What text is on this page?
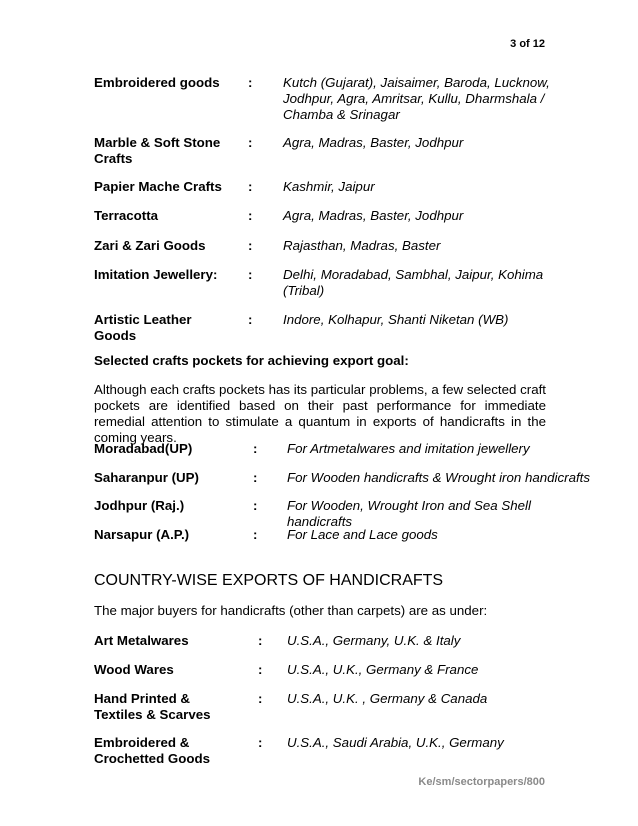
3 of 12
Embroidered goods	: Kutch (Gujarat), Jaisaimer, Baroda, Lucknow, Jodhpur, Agra, Amritsar, Kullu, Dharmshala / Chamba & Srinagar
Marble & Soft Stone Crafts
: Agra, Madras, Baster, Jodhpur
Papier Mache Crafts	: Kashmir, Jaipur
Terracotta	: Agra, Madras, Baster, Jodhpur
Zari & Zari Goods	: Rajasthan, Madras, Baster
Imitation Jewellery:	: Delhi, Moradabad, Sambhal, Jaipur, Kohima (Tribal)
Artistic Leather Goods
: Indore, Kolhapur, Shanti Niketan (WB)
Selected crafts pockets for achieving export goal:
Although each crafts pockets has its particular problems, a few selected craft pockets are identified based on their past performance for immediate remedial attention to stimulate a quantum in exports of handicrafts in the coming years.
Moradabad(UP)	: For Artmetalwares and imitation jewellery
Saharanpur (UP)	: For Wooden handicrafts & Wrought iron handicrafts
Jodhpur (Raj.)	: For Wooden, Wrought Iron and Sea Shell handicrafts
Narsapur (A.P.)	: For Lace and Lace goods
COUNTRY-WISE EXPORTS OF HANDICRAFTS
The major buyers for handicrafts (other than carpets) are as under:
Art Metalwares	: U.S.A., Germany, U.K. & Italy
Wood Wares	: U.S.A., U.K., Germany & France
Hand Printed & Textiles & Scarves
: U.S.A., U.K. , Germany & Canada
Embroidered & Crochetted Goods
: U.S.A., Saudi Arabia, U.K., Germany
Ke/sm/sectorpapers/800
